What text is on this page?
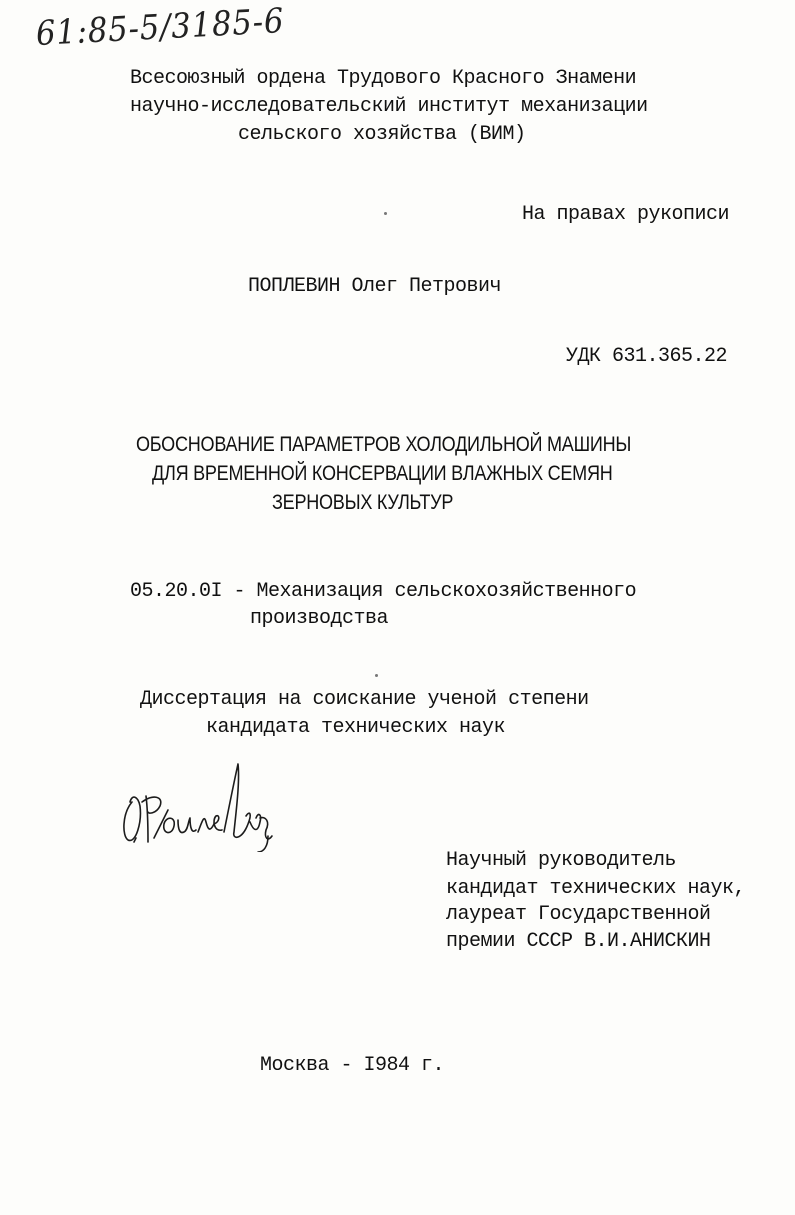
61:85-5/3185-6
Всесоюзный ордена Трудового Красного Знамени
научно-исследовательский институт механизации
сельского хозяйства (ВИМ)
На правах рукописи
ПОПЛЕВИН Олег Петрович
УДК 631.365.22
ОБОСНОВАНИЕ ПАРАМЕТРОВ ХОЛОДИЛЬНОЙ МАШИНЫ
ДЛЯ ВРЕМЕННОЙ КОНСЕРВАЦИИ ВЛАЖНЫХ СЕМЯН
ЗЕРНОВЫХ КУЛЬТУР
05.20.0I - Механизация сельскохозяйственного
производства
Диссертация на соискание ученой степени
кандидата технических наук
Научный руководитель
кандидат технических наук,
лауреат Государственной
премии СССР В.И.АНИСКИН
Москва - I984 г.
